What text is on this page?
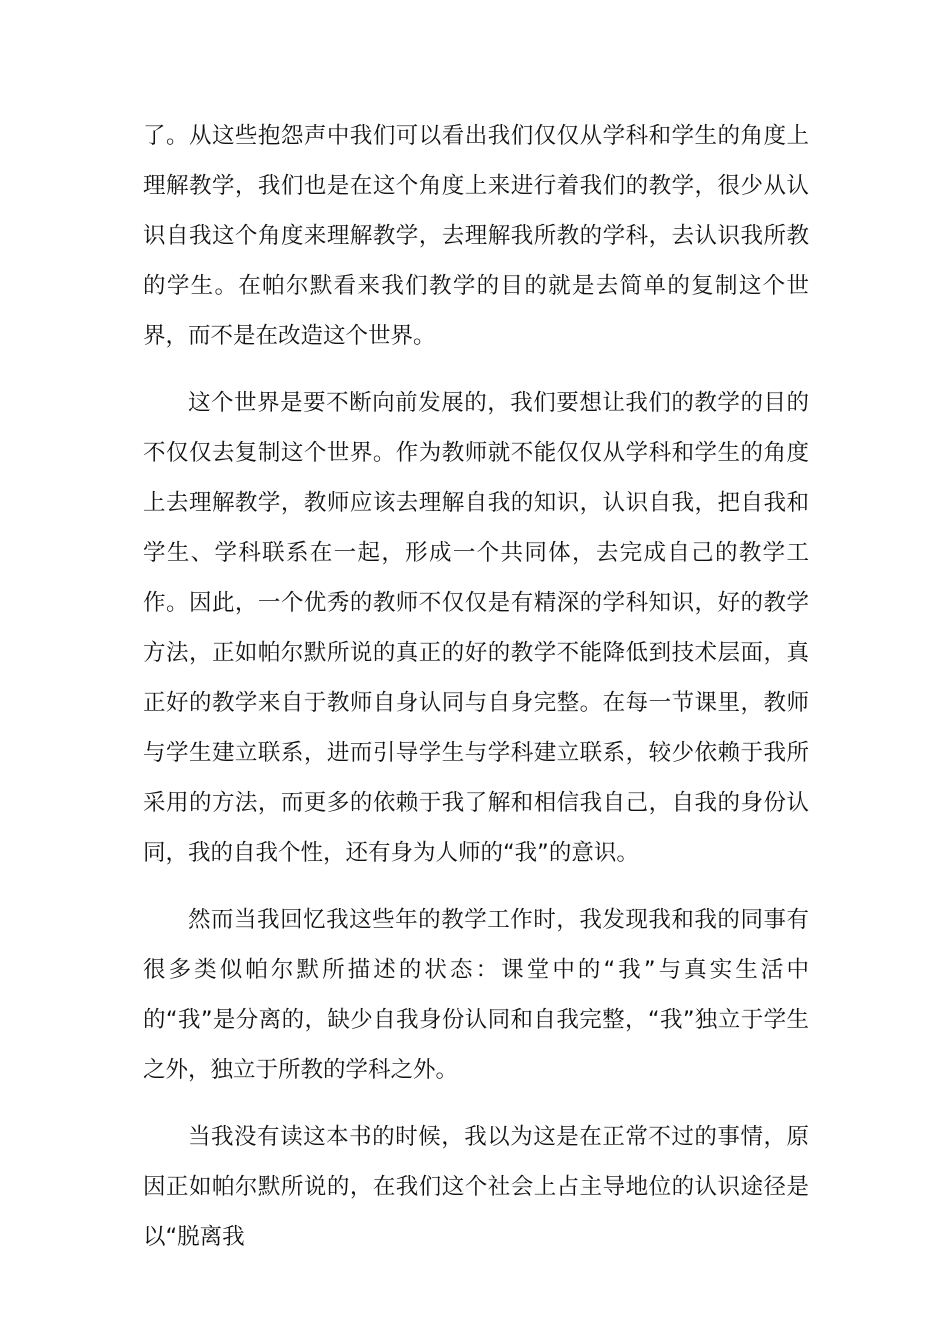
了。从这些抱怨声中我们可以看出我们仅仅从学科和学生的角度上理解教学，我们也是在这个角度上来进行着我们的教学，很少从认识自我这个角度来理解教学，去理解我所教的学科，去认识我所教的学生。在帕尔默看来我们教学的目的就是去简单的复制这个世界，而不是在改造这个世界。

这个世界是要不断向前发展的，我们要想让我们的教学的目的不仅仅去复制这个世界。作为教师就不能仅仅从学科和学生的角度上去理解教学，教师应该去理解自我的知识，认识自我，把自我和学生、学科联系在一起，形成一个共同体，去完成自己的教学工作。因此，一个优秀的教师不仅仅是有精深的学科知识，好的教学方法，正如帕尔默所说的真正的好的教学不能降低到技术层面，真正好的教学来自于教师自身认同与自身完整。在每一节课里，教师与学生建立联系，进而引导学生与学科建立联系，较少依赖于我所采用的方法，而更多的依赖于我了解和相信我自己，自我的身份认同，我的自我个性，还有身为人师的“我”的意识。

然而当我回忆我这些年的教学工作时，我发现我和我的同事有很多类似帕尔默所描述的状态：课堂中的“我”与真实生活中的“我”是分离的，缺少自我身份认同和自我完整，“我”独立于学生之外，独立于所教的学科之外。

当我没有读这本书的时候，我以为这是在正常不过的事情，原因正如帕尔默所说的，在我们这个社会上占主导地位的认识途径是以“脱离我
